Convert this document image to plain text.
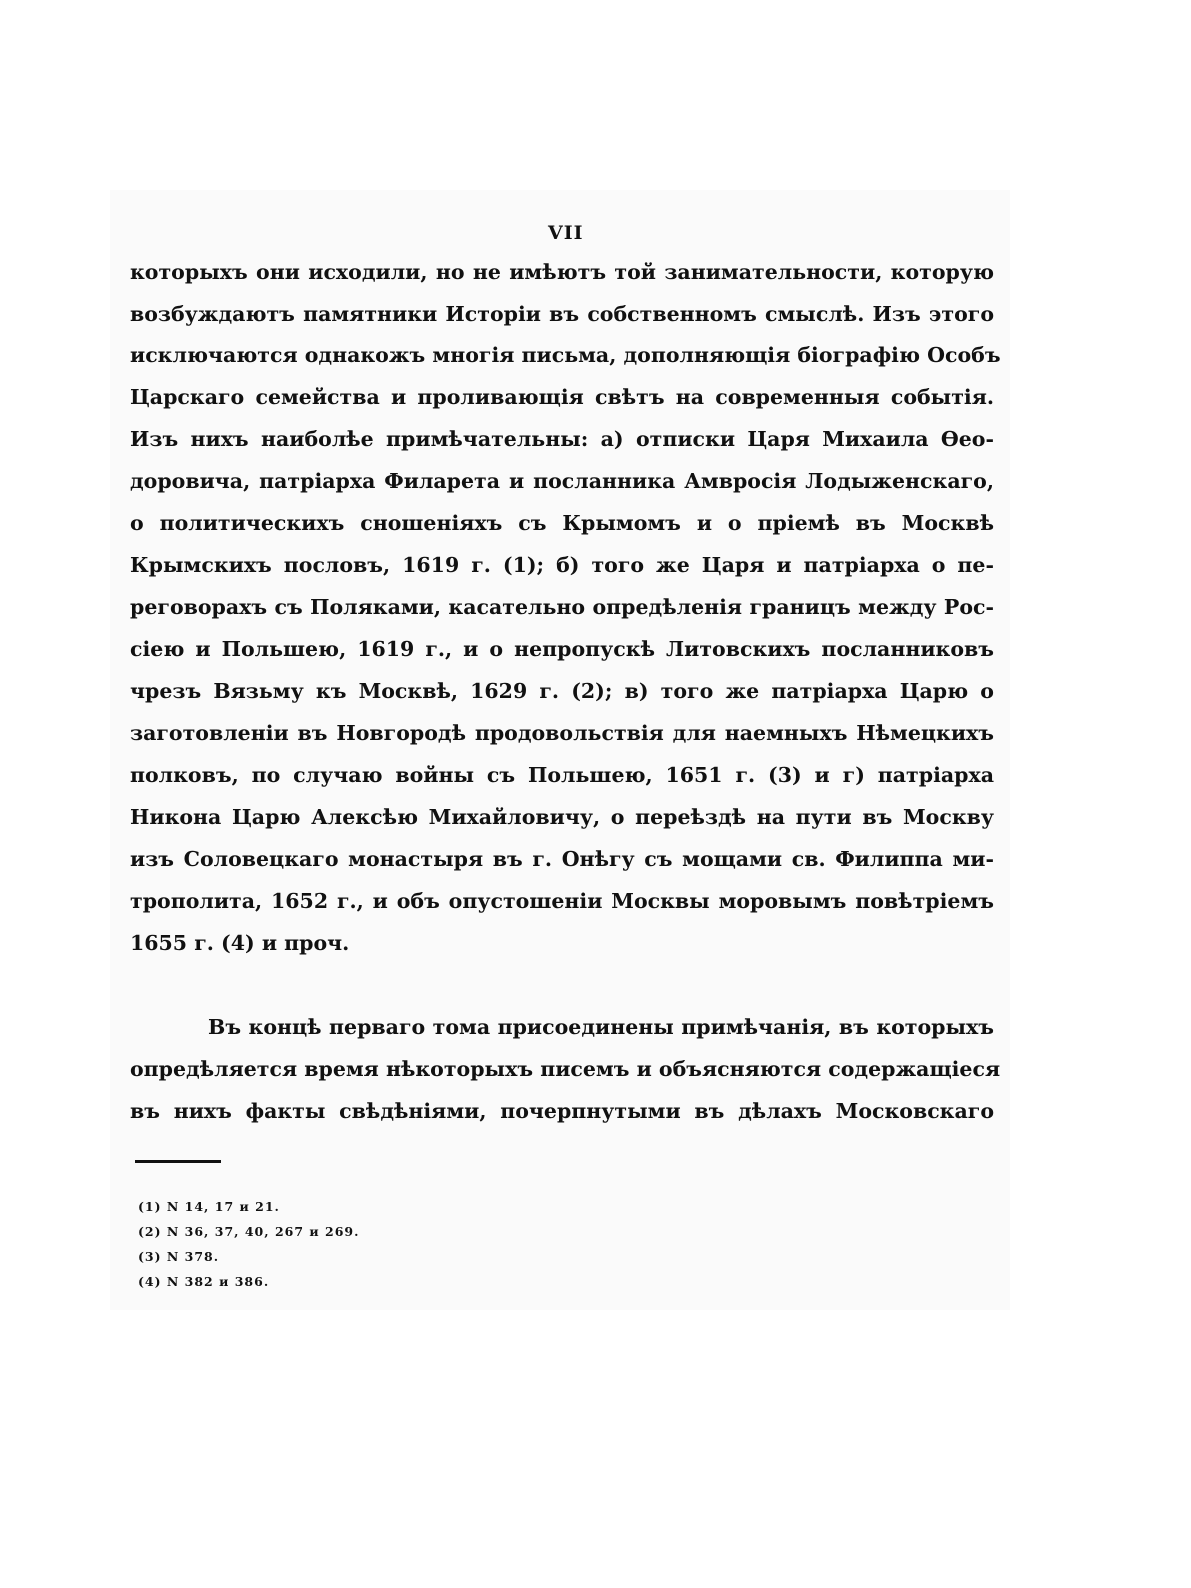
VII
которыхъ они исходили, но не имѣютъ той занимательности, которую
возбуждаютъ памятники Исторіи въ собственномъ смыслѣ. Изъ этого
исключаются однакожъ многія письма, дополняющія біографію Особъ
Царскаго семейства и проливающія свѣтъ на современныя событія.
Изъ нихъ наиболѣе примѣчательны: а) отписки Царя Михаила Ѳео-
доровича, патріарха Филарета и посланника Амвросія Лодыженскаго,
о политическихъ сношеніяхъ съ Крымомъ и о пріемѣ въ Москвѣ
Крымскихъ пословъ, 1619 г. (1); б) того же Царя и патріарха о пе-
реговорахъ съ Поляками, касательно опредѣленія границъ между Рос-
сіею и Польшею, 1619 г., и о непропускѣ Литовскихъ посланниковъ
чрезъ Вязьму къ Москвѣ, 1629 г. (2); в) того же патріарха Царю о
заготовленіи въ Новгородѣ продовольствія для наемныхъ Нѣмецкихъ
полковъ, по случаю войны съ Польшею, 1651 г. (3) и г) патріарха
Никона Царю Алексѣю Михайловичу, о переѣздѣ на пути въ Москву
изъ Соловецкаго монастыря въ г. Онѣгу съ мощами св. Филиппа ми-
трополита, 1652 г., и объ опустошеніи Москвы моровымъ повѣтріемъ
1655 г. (4) и проч.
Въ концѣ перваго тома присоединены примѣчанія, въ которыхъ
опредѣляется время нѣкоторыхъ писемъ и объясняются содержащіеся
въ нихъ факты свѣдѣніями, почерпнутыми въ дѣлахъ Московскаго
(1) N 14, 17 и 21.
(2) N 36, 37, 40, 267 и 269.
(3) N 378.
(4) N 382 и 386.
